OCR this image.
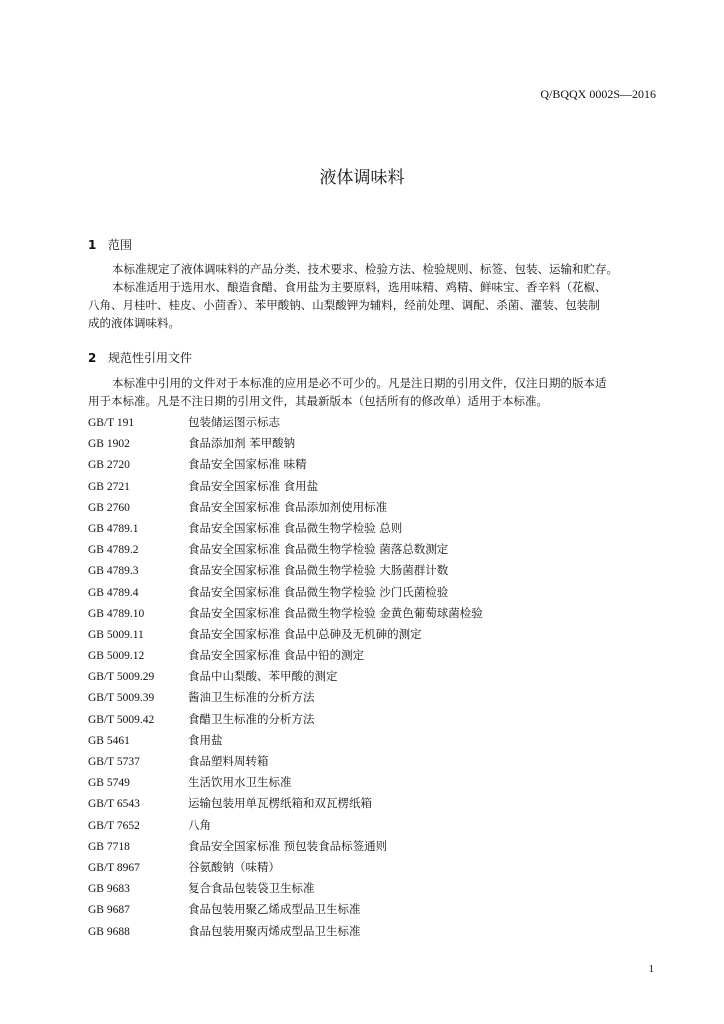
Q/BQQX 0002S—2016
液体调味料
1 范围
本标准规定了液体调味料的产品分类、技术要求、检验方法、检验规则、标签、包装、运输和贮存。
本标准适用于选用水、酿造食醋、食用盐为主要原料，选用味精、鸡精、鲜味宝、香辛料（花椒、
八角、月桂叶、桂皮、小茴香）、苯甲酸钠、山梨酸钾为辅料，经前处理、调配、杀菌、灌装、包装制
成的液体调味料。
2 规范性引用文件
本标准中引用的文件对于本标准的应用是必不可少的。凡是注日期的引用文件，仅注日期的版本适
用于本标准。凡是不注日期的引用文件，其最新版本（包括所有的修改单）适用于本标准。
GB/T 191	包装储运图示标志
GB 1902	食品添加剂 苯甲酸钠
GB 2720	食品安全国家标准 味精
GB 2721	食品安全国家标准 食用盐
GB 2760	食品安全国家标准 食品添加剂使用标准
GB 4789.1	食品安全国家标准 食品微生物学检验 总则
GB 4789.2	食品安全国家标准 食品微生物学检验 菌落总数测定
GB 4789.3	食品安全国家标准 食品微生物学检验 大肠菌群计数
GB 4789.4	食品安全国家标准 食品微生物学检验 沙门氏菌检验
GB 4789.10	食品安全国家标准 食品微生物学检验 金黄色葡萄球菌检验
GB 5009.11	食品安全国家标准 食品中总砷及无机砷的测定
GB 5009.12	食品安全国家标准 食品中铅的测定
GB/T 5009.29	食品中山梨酸、苯甲酸的测定
GB/T 5009.39	酱油卫生标准的分析方法
GB/T 5009.42	食醋卫生标准的分析方法
GB 5461	食用盐
GB/T 5737	食品塑料周转箱
GB 5749	生活饮用水卫生标准
GB/T 6543	运输包装用单瓦楞纸箱和双瓦楞纸箱
GB/T 7652	八角
GB 7718	食品安全国家标准 预包装食品标签通则
GB/T 8967	谷氨酸钠（味精）
GB 9683	复合食品包装袋卫生标准
GB 9687	食品包装用聚乙烯成型品卫生标准
GB 9688	食品包装用聚丙烯成型品卫生标准
1
